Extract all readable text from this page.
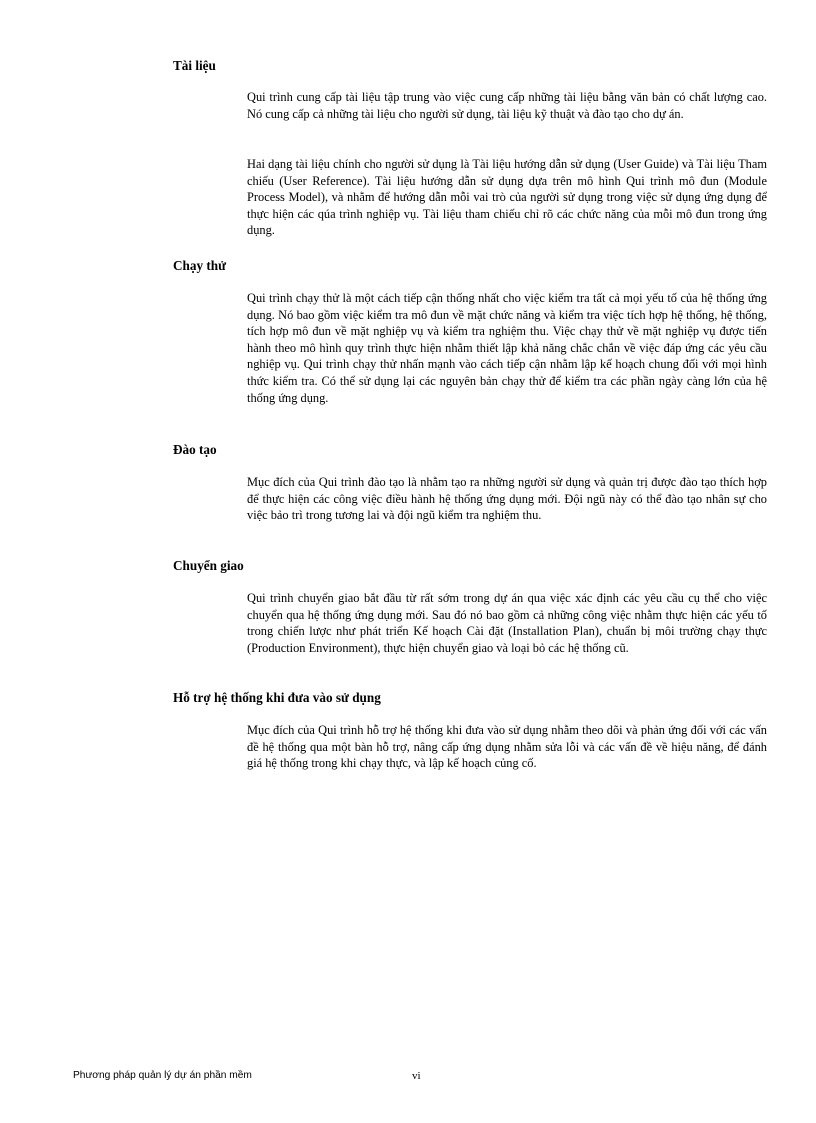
Tài liệu

Qui trình cung cấp tài liệu tập trung vào việc cung cấp những tài liệu bằng văn bản có chất lượng cao. Nó cung cấp cả những tài liệu cho người sử dụng, tài liệu kỹ thuật và đào tạo cho dự án.

Hai dạng tài liệu chính cho người sử dụng là Tài liệu hướng dẫn sử dụng (User Guide) và Tài liệu Tham chiếu (User Reference). Tài liệu hướng dẫn sử dụng dựa trên mô hình Qui trình mô đun (Module Process Model), và nhằm để hướng dẫn mỗi vai trò của người sử dụng trong việc sử dụng ứng dụng để thực hiện các qúa trình nghiệp vụ. Tài liệu tham chiếu chỉ rõ các chức năng của mỗi mô đun trong ứng dụng.

Chạy thử

Qui trình chạy thử là một cách tiếp cận thống nhất cho việc kiểm tra tất cả mọi yếu tố của hệ thống ứng dụng. Nó bao gồm việc kiểm tra mô đun về mặt chức năng và kiểm tra việc tích hợp hệ thống, hệ thống, tích hợp mô đun về mặt nghiệp vụ và kiểm tra nghiệm thu. Việc chạy thử về mặt nghiệp vụ được tiến hành theo mô hình quy trình thực hiện nhằm thiết lập khả năng chắc chắn về việc đáp ứng các yêu cầu nghiệp vụ. Qui trình chạy thử nhấn mạnh vào cách tiếp cận nhằm lập kế hoạch chung đối với mọi hình thức kiểm tra. Có thể sử dụng lại các nguyên bản chạy thử để kiểm tra các phần ngày càng lớn của hệ thống ứng dụng.

Đào tạo

Mục đích của Qui trình đào tạo là nhằm tạo ra những người sử dụng và quản trị được đào tạo thích hợp để thực hiện các công việc điều hành hệ thống ứng dụng mới. Đội ngũ này có thể đào tạo nhân sự cho việc bảo trì trong tương lai và đội ngũ kiểm tra nghiệm thu.

Chuyển giao

Qui trình chuyển giao bắt đầu từ rất sớm trong dự án qua việc xác định các yêu cầu cụ thể cho việc chuyển qua hệ thống ứng dụng mới. Sau đó nó bao gồm cả những công việc nhằm thực hiện các yếu tố trong chiến lược như phát triển Kế hoạch Cài đặt (Installation Plan), chuẩn bị môi trường chạy thực (Production Environment), thực hiện chuyển giao và loại bỏ các hệ thống cũ.

Hỗ trợ hệ thống khi đưa vào sử dụng

Mục đích của Qui trình hỗ trợ hệ thống khi đưa vào sử dụng nhằm theo dõi và phản ứng đối với các vấn đề hệ thống qua một bàn hỗ trợ, nâng cấp ứng dụng nhằm sửa lỗi và các vấn đề về hiệu năng, để đánh giá hệ thống trong khi chạy thực, và lập kế hoạch củng cố.

Phương pháp quản lý dự án phần mềm	vi
